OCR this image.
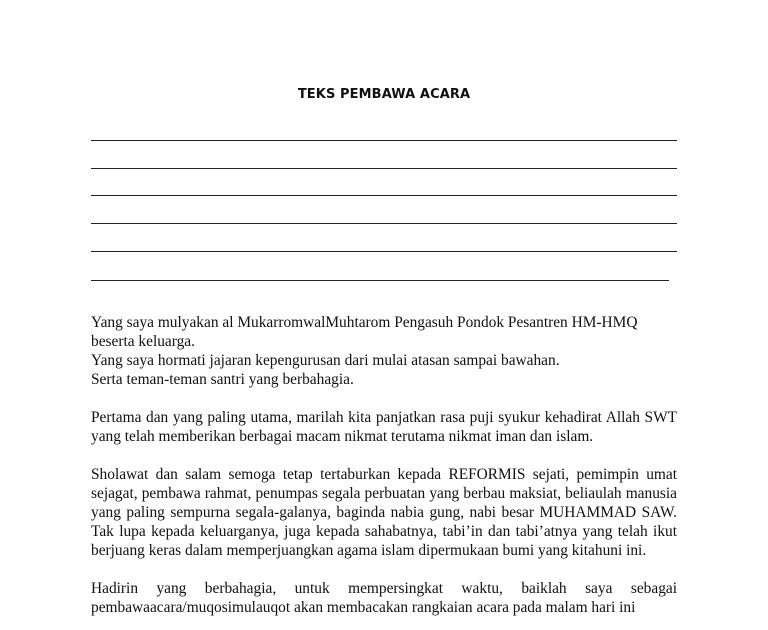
TEKS PEMBAWA ACARA

Yang saya mulyakan al MukarromwalMuhtarom Pengasuh Pondok Pesantren HM-HMQ beserta keluarga.
Yang saya hormati jajaran kepengurusan dari mulai atasan sampai bawahan.
Serta teman-teman santri yang berbahagia.

Pertama dan yang paling utama, marilah kita panjatkan rasa puji syukur kehadirat Allah SWT yang telah memberikan berbagai macam nikmat terutama nikmat iman dan islam.

Sholawat dan salam semoga tetap tertaburkan kepada REFORMIS sejati, pemimpin umat sejagat, pembawa rahmat, penumpas segala perbuatan yang berbau maksiat, beliaulah manusia yang paling sempurna segala-galanya, baginda nabia gung, nabi besar MUHAMMAD SAW. Tak lupa kepada keluarganya, juga kepada sahabatnya, tabi’in dan tabi’atnya yang telah ikut berjuang keras dalam memperjuangkan agama islam dipermukaan bumi yang kitahuni ini.

Hadirin yang berbahagia, untuk mempersingkat waktu, baiklah saya sebagai pembawaacara/muqosimulauqot akan membacakan rangkaian acara pada malam hari ini
